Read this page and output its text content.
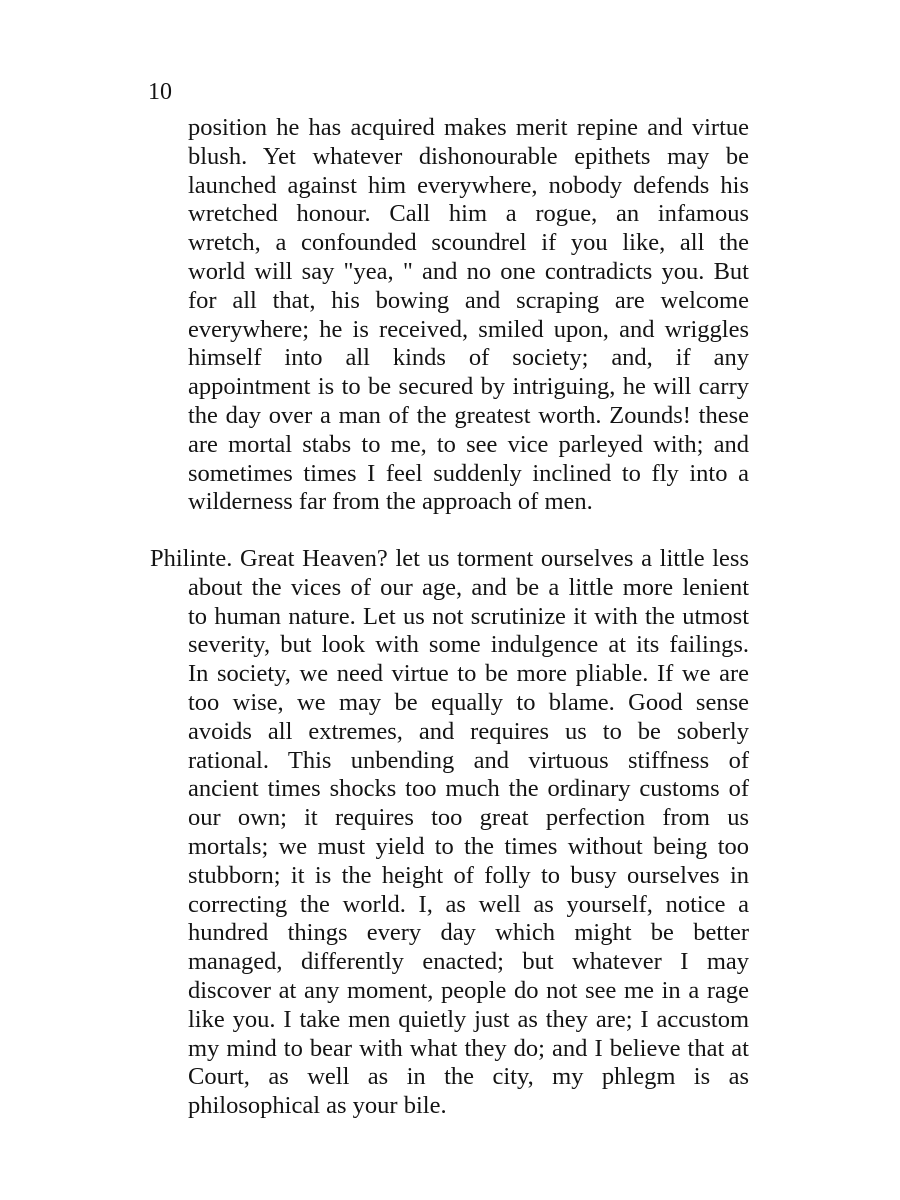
10
position he has acquired makes merit repine and virtue
blush. Yet whatever dishonourable epithets may be
launched against him everywhere, nobody defends his
wretched honour. Call him a rogue, an infamous
wretch, a confounded scoundrel if you like, all the
world will say "yea, " and no one contradicts you. But
for all that, his bowing and scraping are welcome
everywhere; he is received, smiled upon, and wriggles
himself into all kinds of society; and, if any
appointment is to be secured by intriguing, he will carry
the day over a man of the greatest worth. Zounds! these
are mortal stabs to me, to see vice parleyed with; and
sometimes times I feel suddenly inclined to fly into a
wilderness far from the approach of men.
Philinte. Great Heaven? let us torment ourselves a little less
about the vices of our age, and be a little more lenient
to human nature. Let us not scrutinize it with the utmost
severity, but look with some indulgence at its failings.
In society, we need virtue to be more pliable. If we are
too wise, we may be equally to blame. Good sense
avoids all extremes, and requires us to be soberly
rational. This unbending and virtuous stiffness of
ancient times shocks too much the ordinary customs of
our own; it requires too great perfection from us
mortals; we must yield to the times without being too
stubborn; it is the height of folly to busy ourselves in
correcting the world. I, as well as yourself, notice a
hundred things every day which might be better
managed, differently enacted; but whatever I may
discover at any moment, people do not see me in a rage
like you. I take men quietly just as they are; I accustom
my mind to bear with what they do; and I believe that at
Court, as well as in the city, my phlegm is as
philosophical as your bile.
